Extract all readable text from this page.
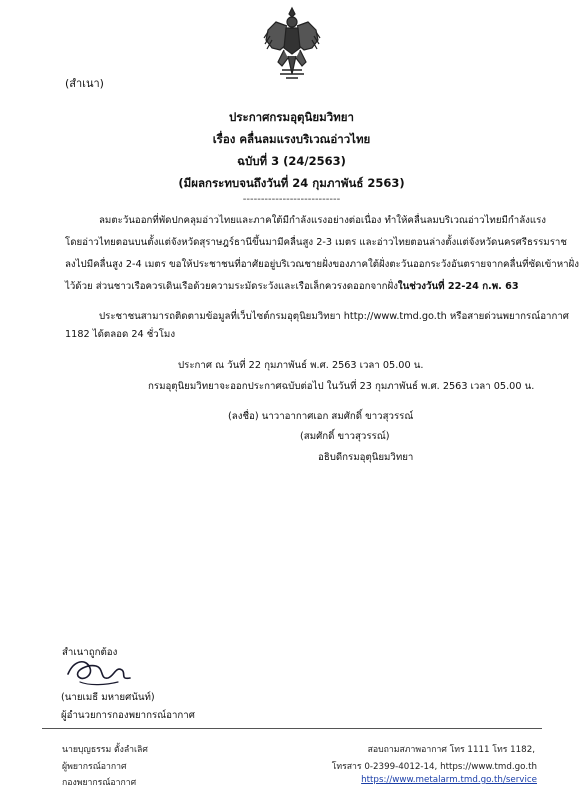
(สำเนา)
ประกาศกรมอุตุนิยมวิทยา
เรื่อง คลื่นลมแรงบริเวณอ่าวไทย
ฉบับที่ 3 (24/2563)
(มีผลกระทบจนถึงวันที่ 24 กุมภาพันธ์ 2563)
---------------------------
ลมตะวันออกที่พัดปกคลุมอ่าวไทยและภาคใต้มีกำลังแรงอย่างต่อเนื่อง ทำให้คลื่นลมบริเวณอ่าวไทยมีกำลังแรง
โดยอ่าวไทยตอนบนตั้งแต่จังหวัดสุราษฎร์ธานีขึ้นมามีคลื่นสูง 2-3 เมตร และอ่าวไทยตอนล่างตั้งแต่จังหวัดนครศรีธรรมราช
ลงไปมีคลื่นสูง 2-4 เมตร ขอให้ประชาชนที่อาศัยอยู่บริเวณชายฝั่งของภาคใต้ฝั่งตะวันออกระวังอันตรายจากคลื่นที่ซัดเข้าหาฝั่ง
ไว้ด้วย ส่วนชาวเรือควรเดินเรือด้วยความระมัดระวังและเรือเล็กควรงดออกจากฝั่งในช่วงวันที่ 22-24 ก.พ. 63
ประชาชนสามารถติดตามข้อมูลที่เว็บไซต์กรมอุตุนิยมวิทยา http://www.tmd.go.th หรือสายด่วนพยากรณ์อากาศ
1182 ได้ตลอด 24 ชั่วโมง
ประกาศ ณ วันที่ 22 กุมภาพันธ์ พ.ศ. 2563 เวลา 05.00 น.
กรมอุตุนิยมวิทยาจะออกประกาศฉบับต่อไป ในวันที่ 23 กุมภาพันธ์ พ.ศ. 2563 เวลา 05.00 น.
(ลงชื่อ) นาวาอากาศเอก สมศักดิ์ ขาวสุวรรณ์
(สมศักดิ์ ขาวสุวรรณ์)
อธิบดีกรมอุตุนิยมวิทยา
สำเนาถูกต้อง
(นายเมธี มหายศนันท์)
ผู้อำนวยการกองพยากรณ์อากาศ
นายบุญธรรม ตั้งลำเลิศ
ผู้พยากรณ์อากาศ
กองพยากรณ์อากาศ
สอบถามสภาพอากาศ โทร 1111 โทร 1182,
โทรสาร 0-2399-4012-14, https://www.tmd.go.th
https://www.metalarm.tmd.go.th/service
